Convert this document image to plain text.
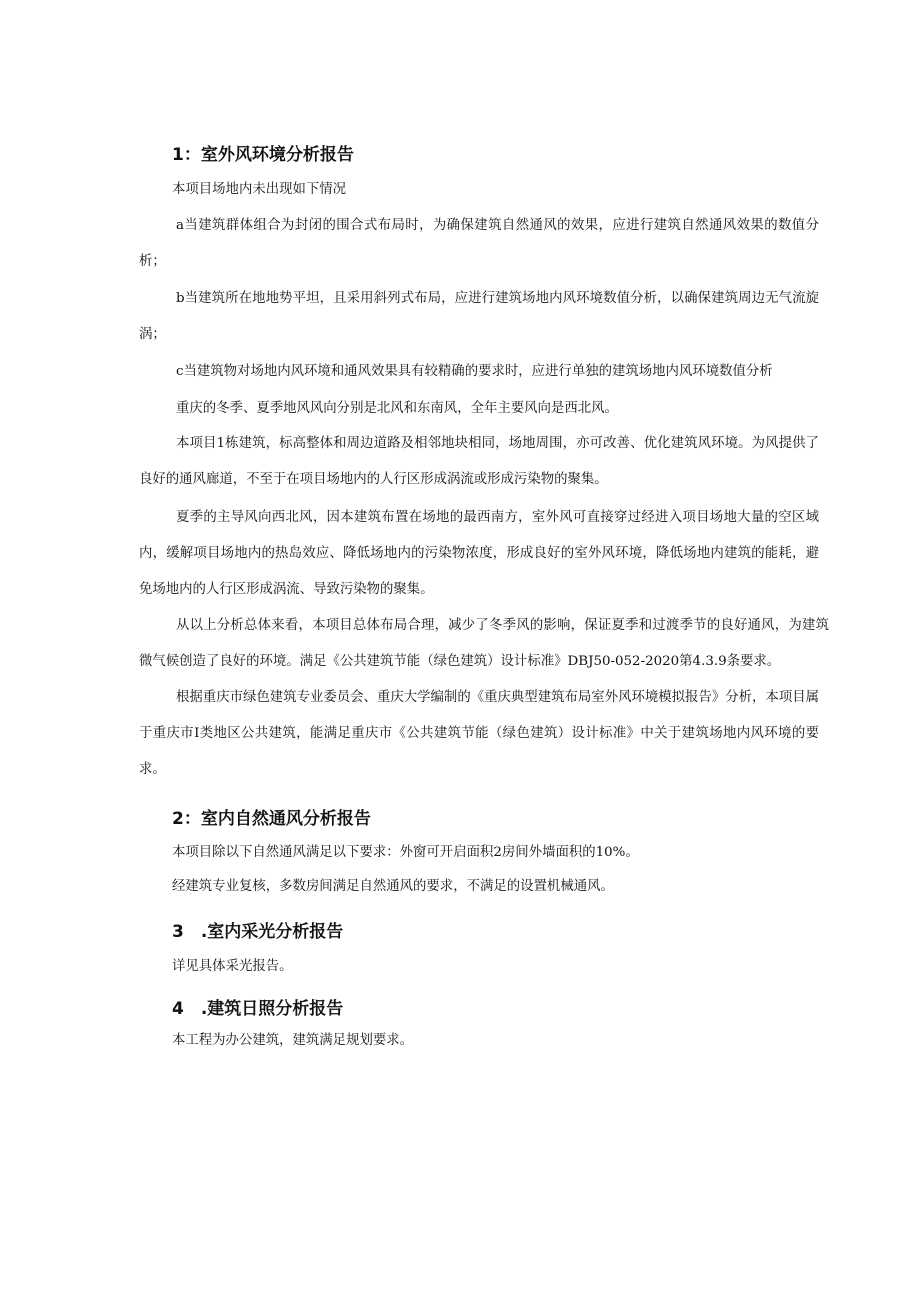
1：室外风环境分析报告

本项目场地内未出现如下情况

a当建筑群体组合为封闭的围合式布局时，为确保建筑自然通风的效果，应进行建筑自然通风效果的数值分析；

b当建筑所在地地势平坦，且采用斜列式布局，应进行建筑场地内风环境数值分析，以确保建筑周边无气流旋涡；

c当建筑物对场地内风环境和通风效果具有较精确的要求时，应进行单独的建筑场地内风环境数值分析

重庆的冬季、夏季地风风向分别是北风和东南风，全年主要风向是西北风。

本项目1栋建筑，标高整体和周边道路及相邻地块相同，场地周围，亦可改善、优化建筑风环境。为风提供了良好的通风廊道，不至于在项目场地内的人行区形成涡流或形成污染物的聚集。

夏季的主导风向西北风，因本建筑布置在场地的最西南方，室外风可直接穿过经进入项目场地大量的空区域内，缓解项目场地内的热岛效应、降低场地内的污染物浓度，形成良好的室外风环境，降低场地内建筑的能耗，避免场地内的人行区形成涡流、导致污染物的聚集。

从以上分析总体来看，本项目总体布局合理，减少了冬季风的影响，保证夏季和过渡季节的良好通风，为建筑微气候创造了良好的环境。满足《公共建筑节能（绿色建筑）设计标准》DBJ50-052-2020第4.3.9条要求。

根据重庆市绿色建筑专业委员会、重庆大学编制的《重庆典型建筑布局室外风环境模拟报告》分析，本项目属于重庆市I类地区公共建筑，能满足重庆市《公共建筑节能（绿色建筑）设计标准》中关于建筑场地内风环境的要求。

2：室内自然通风分析报告

本项目除以下自然通风满足以下要求：外窗可开启面积2房间外墙面积的10%。

经建筑专业复核，多数房间满足自然通风的要求，不满足的设置机械通风。

3　.室内采光分析报告

详见具体采光报告。

4　.建筑日照分析报告

本工程为办公建筑，建筑满足规划要求。
